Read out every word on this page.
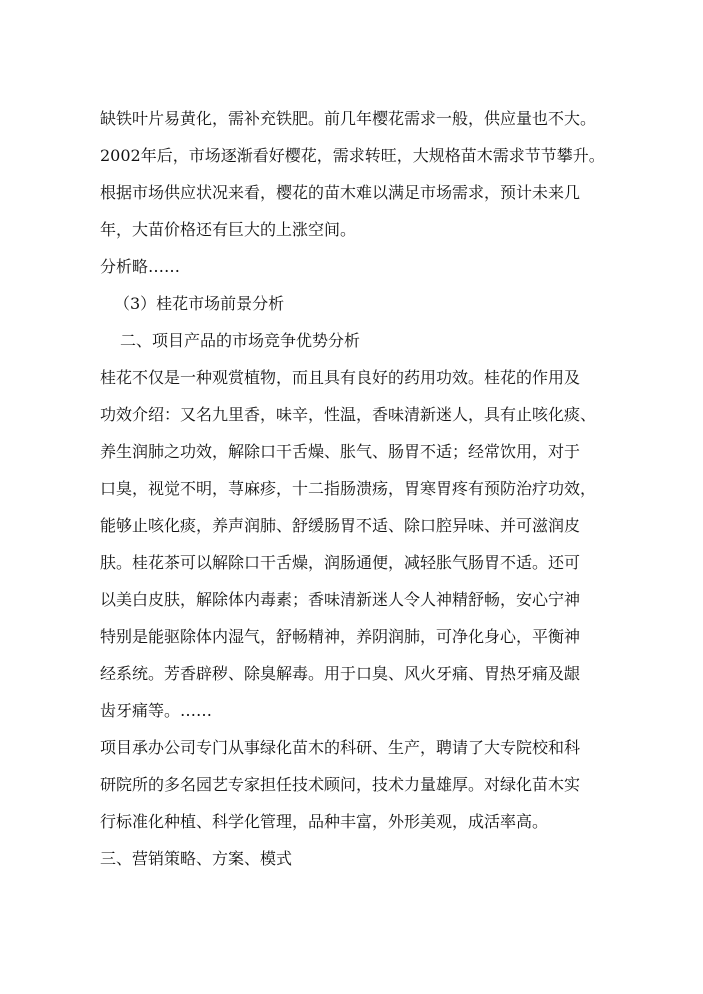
缺铁叶片易黄化，需补充铁肥。前几年樱花需求一般，供应量也不大。

2002年后，市场逐渐看好樱花，需求转旺，大规格苗木需求节节攀升。

根据市场供应状况来看，樱花的苗木难以满足市场需求，预计未来几

年，大苗价格还有巨大的上涨空间。

分析略……

（3）桂花市场前景分析

二、项目产品的市场竞争优势分析

桂花不仅是一种观赏植物，而且具有良好的药用功效。桂花的作用及

功效介绍：又名九里香，味辛，性温，香味清新迷人，具有止咳化痰、

养生润肺之功效，解除口干舌燥、胀气、肠胃不适；经常饮用，对于

口臭，视觉不明，荨麻疹，十二指肠溃疡，胃寒胃疼有预防治疗功效，

能够止咳化痰，养声润肺、舒缓肠胃不适、除口腔异味、并可滋润皮

肤。桂花茶可以解除口干舌燥，润肠通便，减轻胀气肠胃不适。还可

以美白皮肤，解除体内毒素；香味清新迷人令人神精舒畅，安心宁神

特别是能驱除体内湿气，舒畅精神，养阴润肺，可净化身心，平衡神

经系统。芳香辟秽、除臭解毒。用于口臭、风火牙痛、胃热牙痛及龈

齿牙痛等。……

项目承办公司专门从事绿化苗木的科研、生产，聘请了大专院校和科

研院所的多名园艺专家担任技术顾问，技术力量雄厚。对绿化苗木实

行标准化种植、科学化管理，品种丰富，外形美观，成活率高。

三、营销策略、方案、模式
